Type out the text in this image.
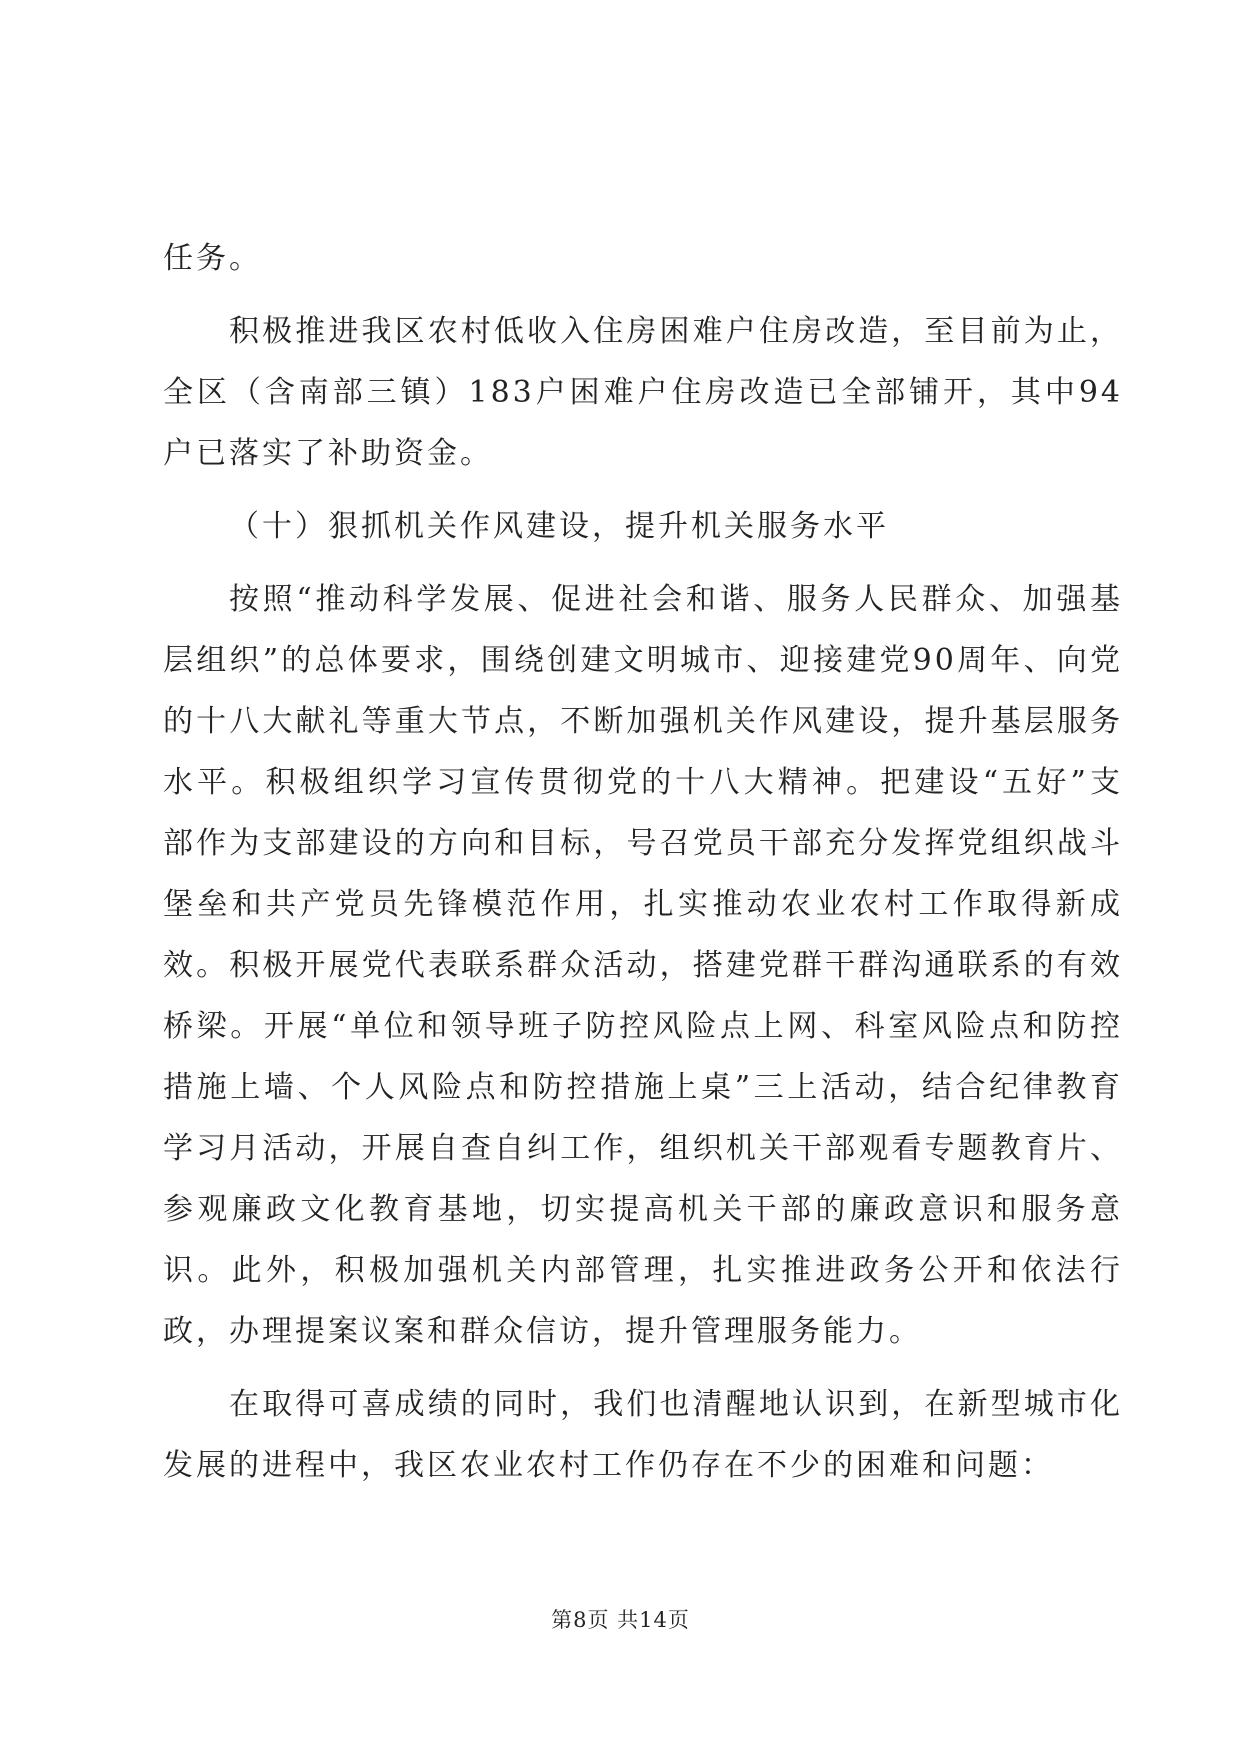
任务。

积极推进我区农村低收入住房困难户住房改造，至目前为止，全区（含南部三镇）183户困难户住房改造已全部铺开，其中94户已落实了补助资金。

（十）狠抓机关作风建设，提升机关服务水平

按照“推动科学发展、促进社会和谐、服务人民群众、加强基层组织”的总体要求，围绕创建文明城市、迎接建党90周年、向党的十八大献礼等重大节点，不断加强机关作风建设，提升基层服务水平。积极组织学习宣传贯彻党的十八大精神。把建设“五好”支部作为支部建设的方向和目标，号召党员干部充分发挥党组织战斗堡垒和共产党员先锋模范作用，扎实推动农业农村工作取得新成效。积极开展党代表联系群众活动，搭建党群干群沟通联系的有效桥梁。开展“单位和领导班子防控风险点上网、科室风险点和防控措施上墙、个人风险点和防控措施上桌”三上活动，结合纪律教育学习月活动，开展自查自纠工作，组织机关干部观看专题教育片、参观廉政文化教育基地，切实提高机关干部的廉政意识和服务意识。此外，积极加强机关内部管理，扎实推进政务公开和依法行政，办理提案议案和群众信访，提升管理服务能力。

在取得可喜成绩的同时，我们也清醒地认识到，在新型城市化发展的进程中，我区农业农村工作仍存在不少的困难和问题：

第8页 共14页
